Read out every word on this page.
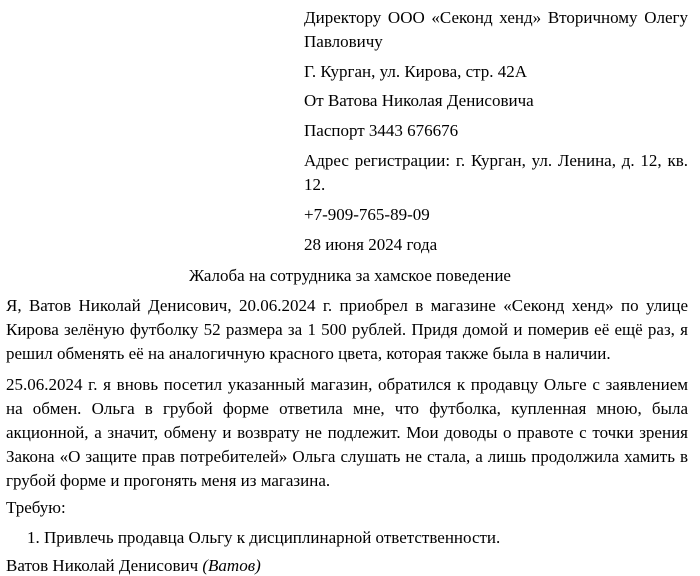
Директору ООО «Секонд хенд» Вторичному Олегу Павловичу

Г. Курган, ул. Кирова, стр. 42А

От Ватова Николая Денисовича

Паспорт 3443 676676

Адрес регистрации: г. Курган, ул. Ленина, д. 12, кв. 12.

+7-909-765-89-09

28 июня 2024 года

Жалоба на сотрудника за хамское поведение

Я, Ватов Николай Денисович, 20.06.2024 г. приобрел в магазине «Секонд хенд» по улице Кирова зелёную футболку 52 размера за 1 500 рублей. Придя домой и померив её ещё раз, я решил обменять её на аналогичную красного цвета, которая также была в наличии.

25.06.2024 г. я вновь посетил указанный магазин, обратился к продавцу Ольге с заявлением на обмен. Ольга в грубой форме ответила мне, что футболка, купленная мною, была акционной, а значит, обмену и возврату не подлежит. Мои доводы о правоте с точки зрения Закона «О защите прав потребителей» Ольга слушать не стала, а лишь продолжила хамить в грубой форме и прогонять меня из магазина.

Требую:

1. Привлечь продавца Ольгу к дисциплинарной ответственности.

Ватов Николай Денисович (Ватов)
